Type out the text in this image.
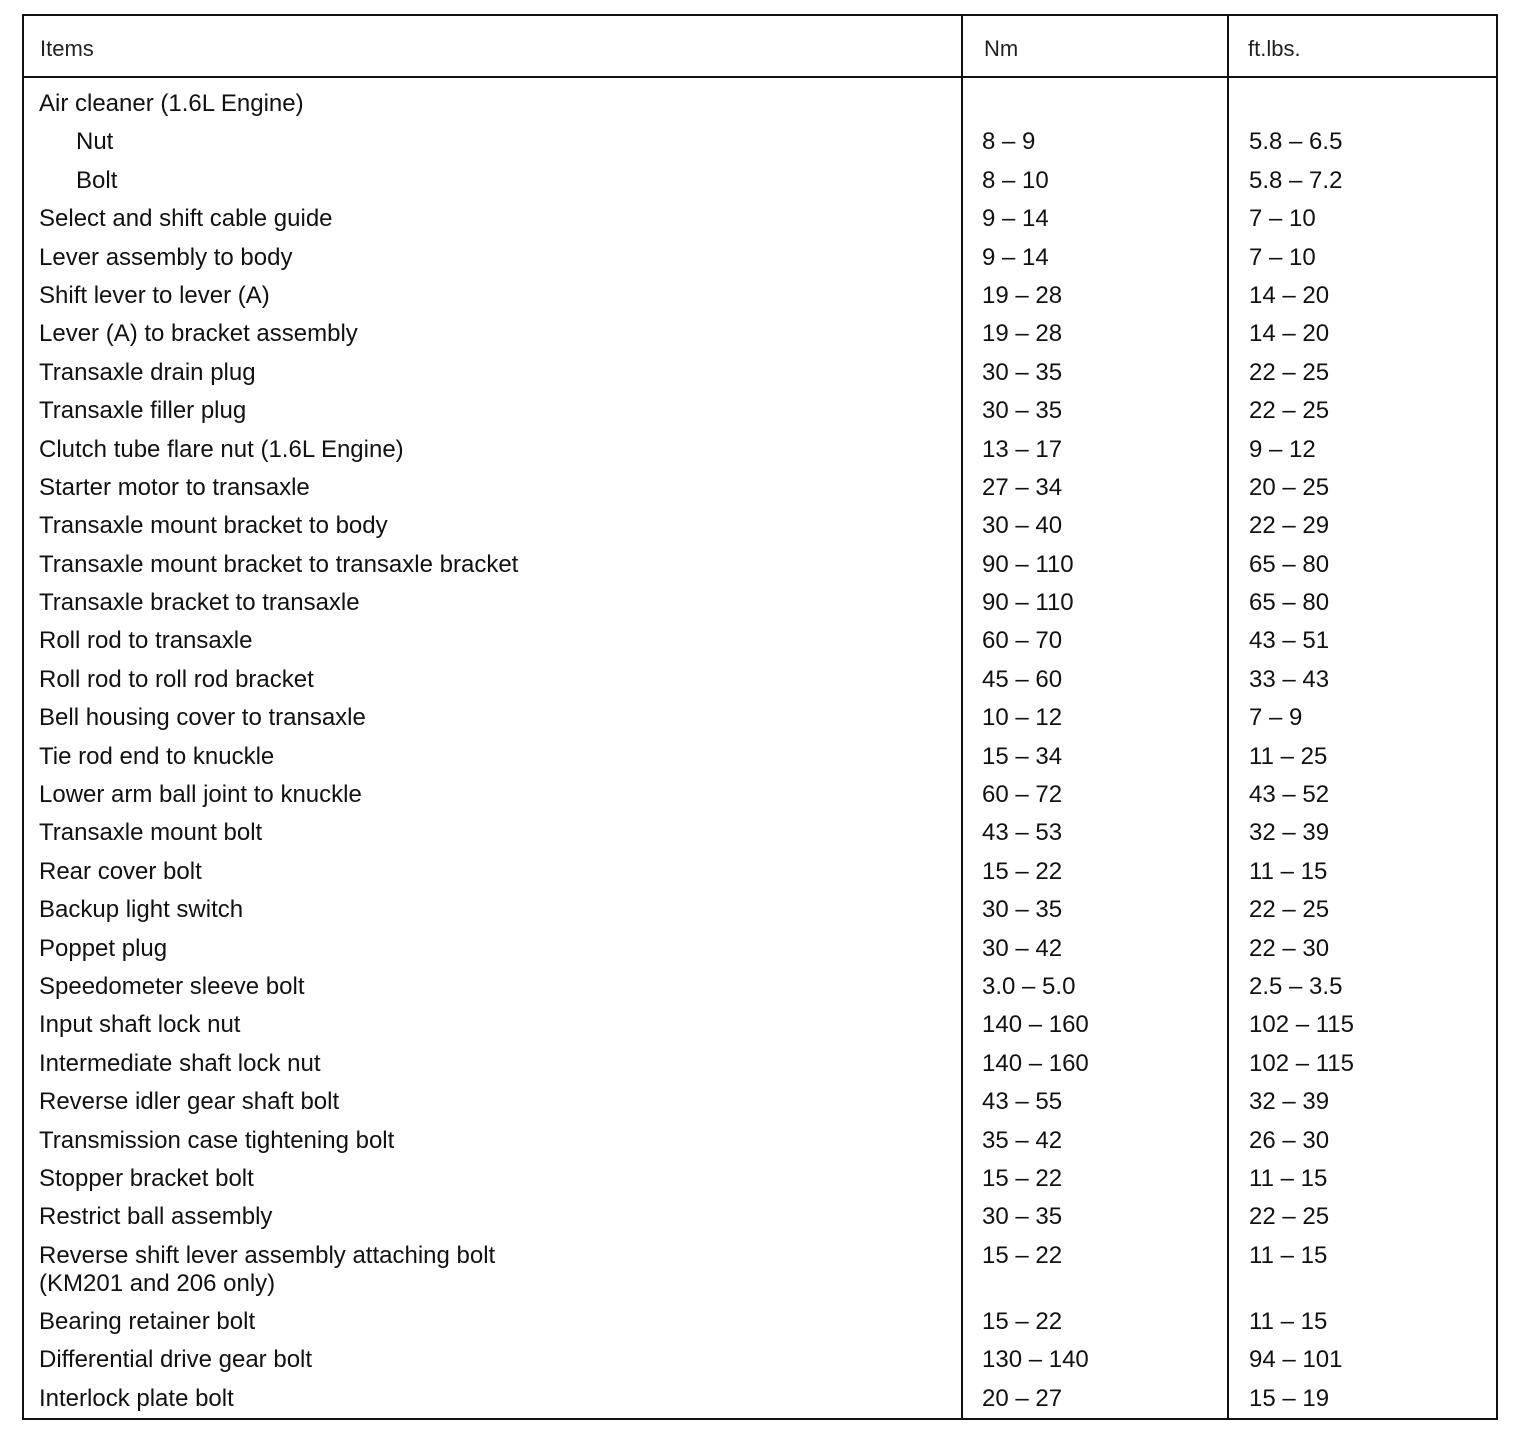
Items	Nm	ft.lbs.
Air cleaner (1.6L Engine)
Nut	8 – 9	5.8 – 6.5
Bolt	8 – 10	5.8 – 7.2
Select and shift cable guide	9 – 14	7 – 10
Lever assembly to body	9 – 14	7 – 10
Shift lever to lever (A)	19 – 28	14 – 20
Lever (A) to bracket assembly	19 – 28	14 – 20
Transaxle drain plug	30 – 35	22 – 25
Transaxle filler plug	30 – 35	22 – 25
Clutch tube flare nut (1.6L Engine)	13 – 17	9 – 12
Starter motor to transaxle	27 – 34	20 – 25
Transaxle mount bracket to body	30 – 40	22 – 29
Transaxle mount bracket to transaxle bracket	90 – 110	65 – 80
Transaxle bracket to transaxle	90 – 110	65 – 80
Roll rod to transaxle	60 – 70	43 – 51
Roll rod to roll rod bracket	45 – 60	33 – 43
Bell housing cover to transaxle	10 – 12	7 – 9
Tie rod end to knuckle	15 – 34	11 – 25
Lower arm ball joint to knuckle	60 – 72	43 – 52
Transaxle mount bolt	43 – 53	32 – 39
Rear cover bolt	15 – 22	11 – 15
Backup light switch	30 – 35	22 – 25
Poppet plug	30 – 42	22 – 30
Speedometer sleeve bolt	3.0 – 5.0	2.5 – 3.5
Input shaft lock nut	140 – 160	102 – 115
Intermediate shaft lock nut	140 – 160	102 – 115
Reverse idler gear shaft bolt	43 – 55	32 – 39
Transmission case tightening bolt	35 – 42	26 – 30
Stopper bracket bolt	15 – 22	11 – 15
Restrict ball assembly	30 – 35	22 – 25
Reverse shift lever assembly attaching bolt
(KM201 and 206 only)
15 – 22	11 – 15
Bearing retainer bolt	15 – 22	11 – 15
Differential drive gear bolt	130 – 140	94 – 101
Interlock plate bolt	20 – 27	15 – 19
